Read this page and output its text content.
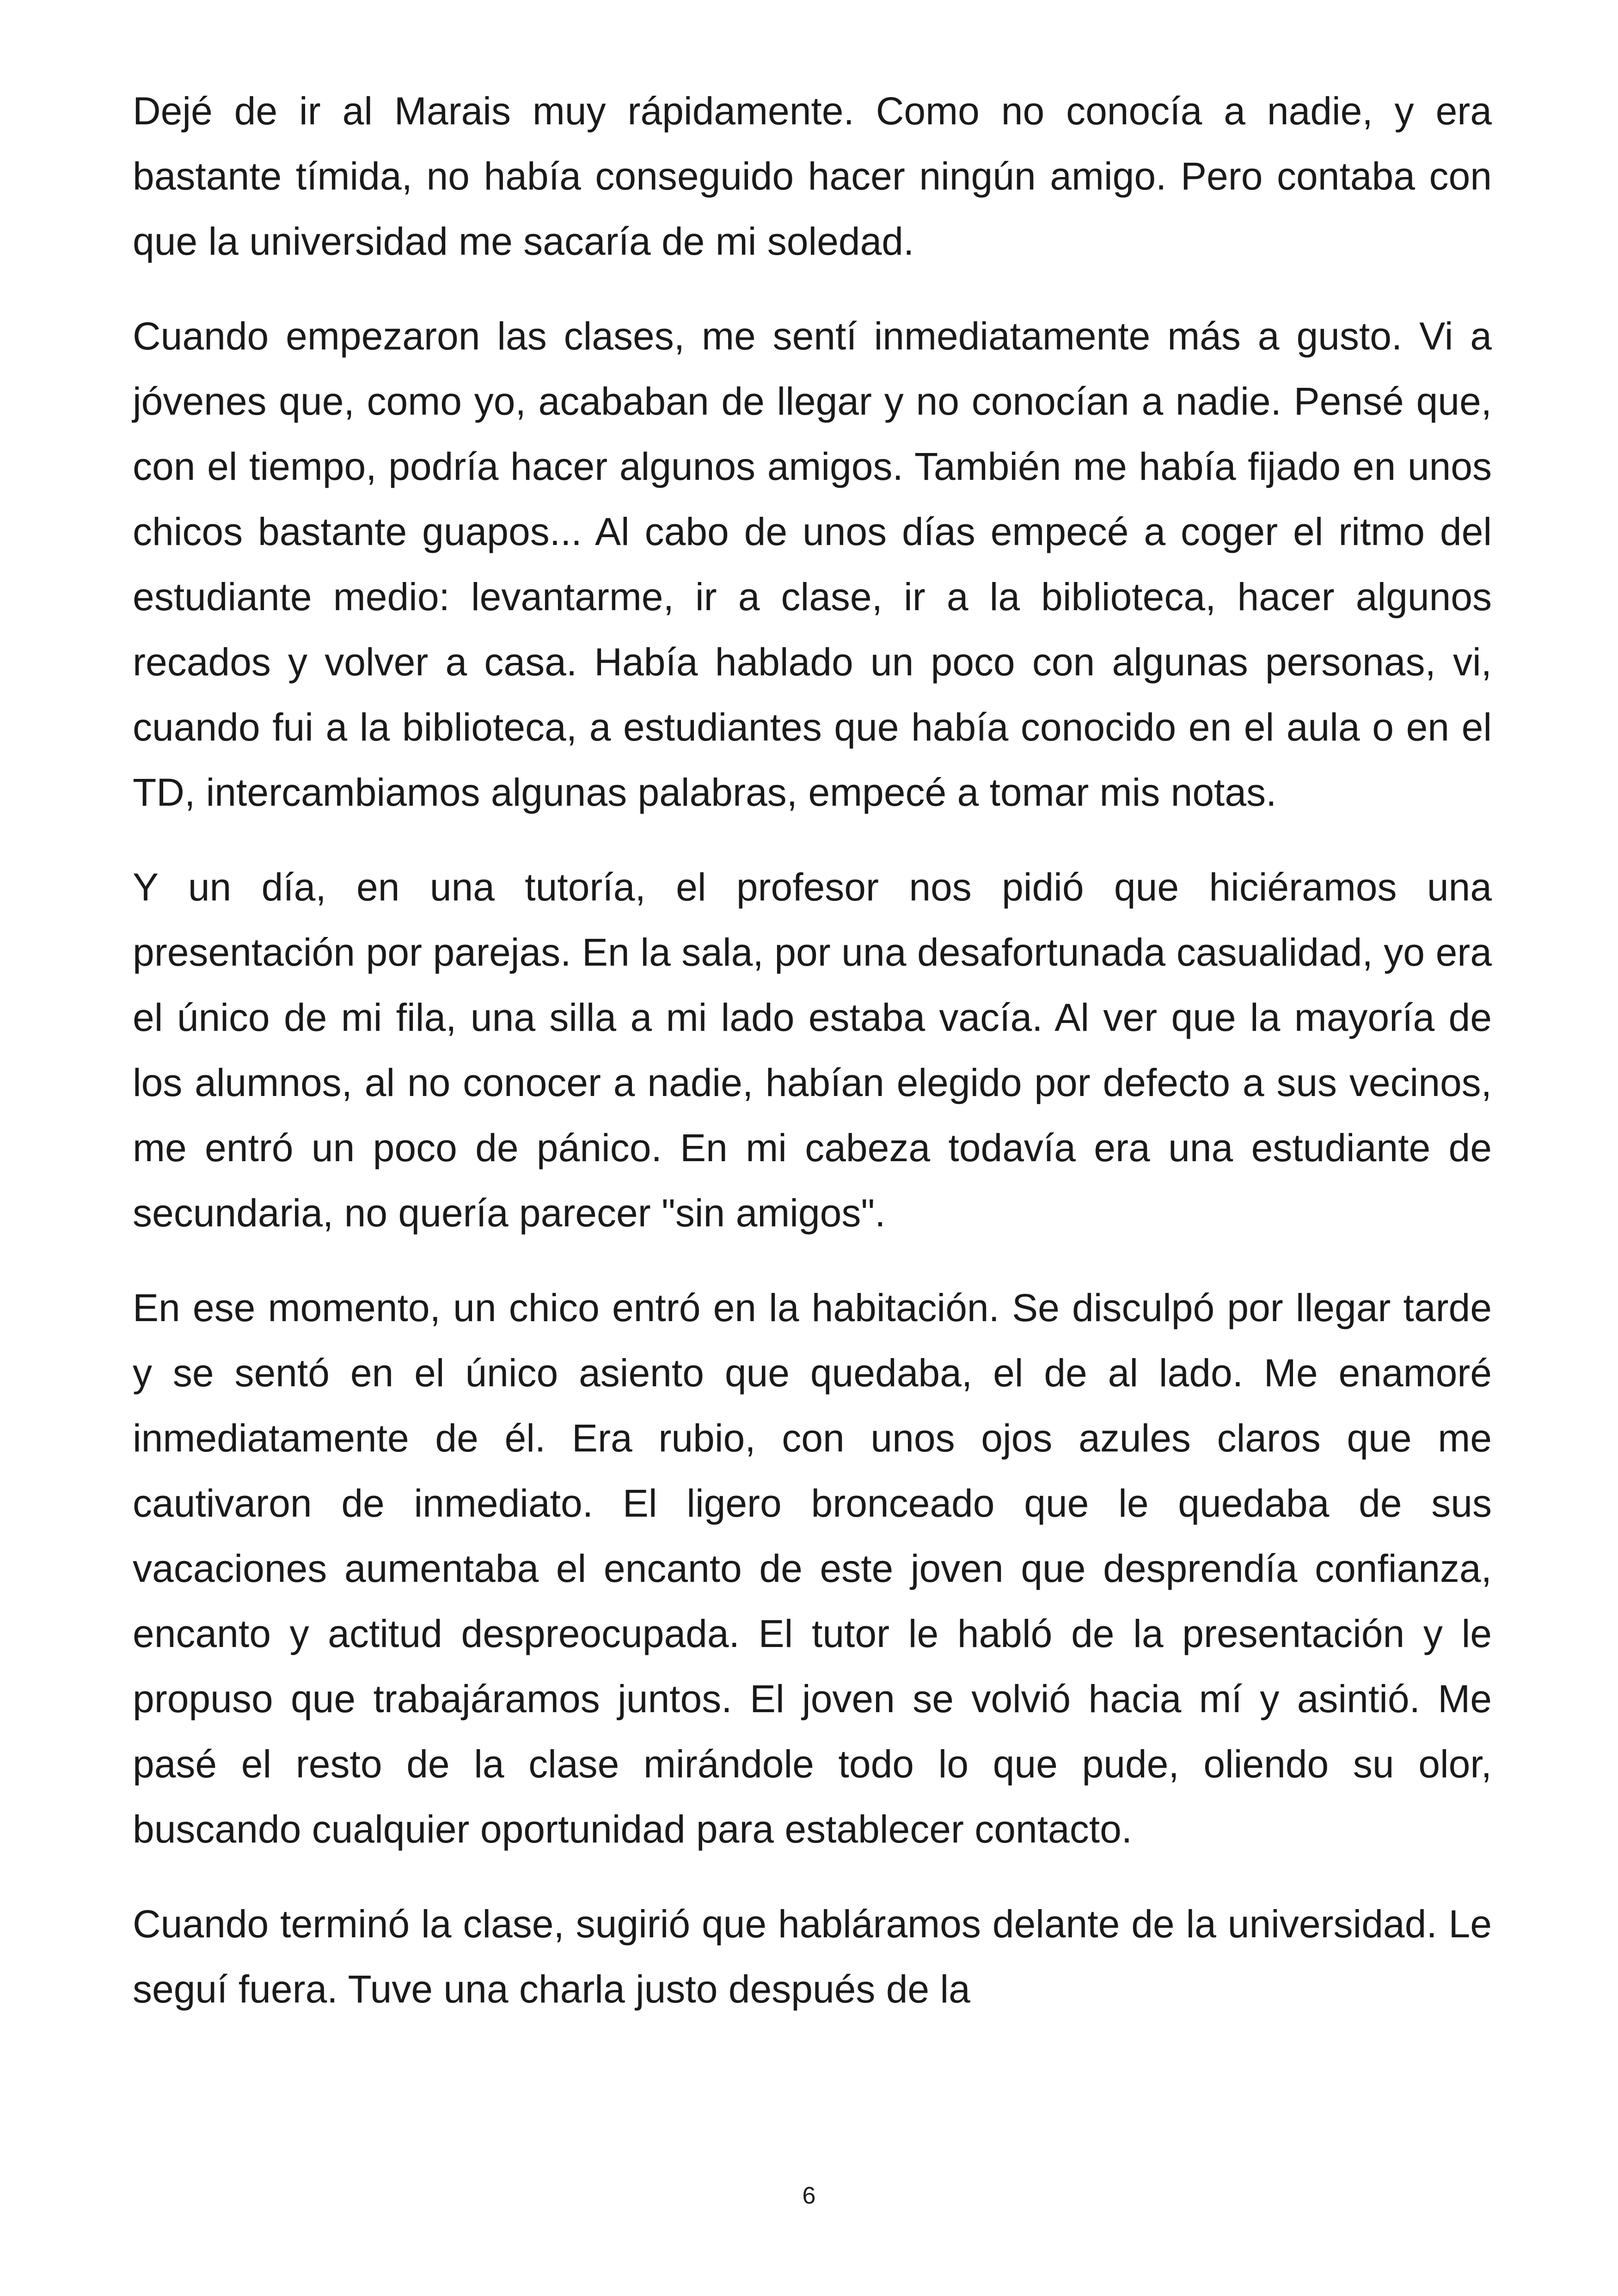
Dejé de ir al Marais muy rápidamente. Como no conocía a nadie, y era bastante tímida, no había conseguido hacer ningún amigo. Pero contaba con que la universidad me sacaría de mi soledad.

Cuando empezaron las clases, me sentí inmediatamente más a gusto. Vi a jóvenes que, como yo, acababan de llegar y no conocían a nadie. Pensé que, con el tiempo, podría hacer algunos amigos. También me había fijado en unos chicos bastante guapos... Al cabo de unos días empecé a coger el ritmo del estudiante medio: levantarme, ir a clase, ir a la biblioteca, hacer algunos recados y volver a casa. Había hablado un poco con algunas personas, vi, cuando fui a la biblioteca, a estudiantes que había conocido en el aula o en el TD, intercambiamos algunas palabras, empecé a tomar mis notas.

Y un día, en una tutoría, el profesor nos pidió que hiciéramos una presentación por parejas. En la sala, por una desafortunada casualidad, yo era el único de mi fila, una silla a mi lado estaba vacía. Al ver que la mayoría de los alumnos, al no conocer a nadie, habían elegido por defecto a sus vecinos, me entró un poco de pánico. En mi cabeza todavía era una estudiante de secundaria, no quería parecer "sin amigos".

En ese momento, un chico entró en la habitación. Se disculpó por llegar tarde y se sentó en el único asiento que quedaba, el de al lado. Me enamoré inmediatamente de él. Era rubio, con unos ojos azules claros que me cautivaron de inmediato. El ligero bronceado que le quedaba de sus vacaciones aumentaba el encanto de este joven que desprendía confianza, encanto y actitud despreocupada. El tutor le habló de la presentación y le propuso que trabajáramos juntos. El joven se volvió hacia mí y asintió. Me pasé el resto de la clase mirándole todo lo que pude, oliendo su olor, buscando cualquier oportunidad para establecer contacto.

Cuando terminó la clase, sugirió que habláramos delante de la universidad. Le seguí fuera. Tuve una charla justo después de la

6
